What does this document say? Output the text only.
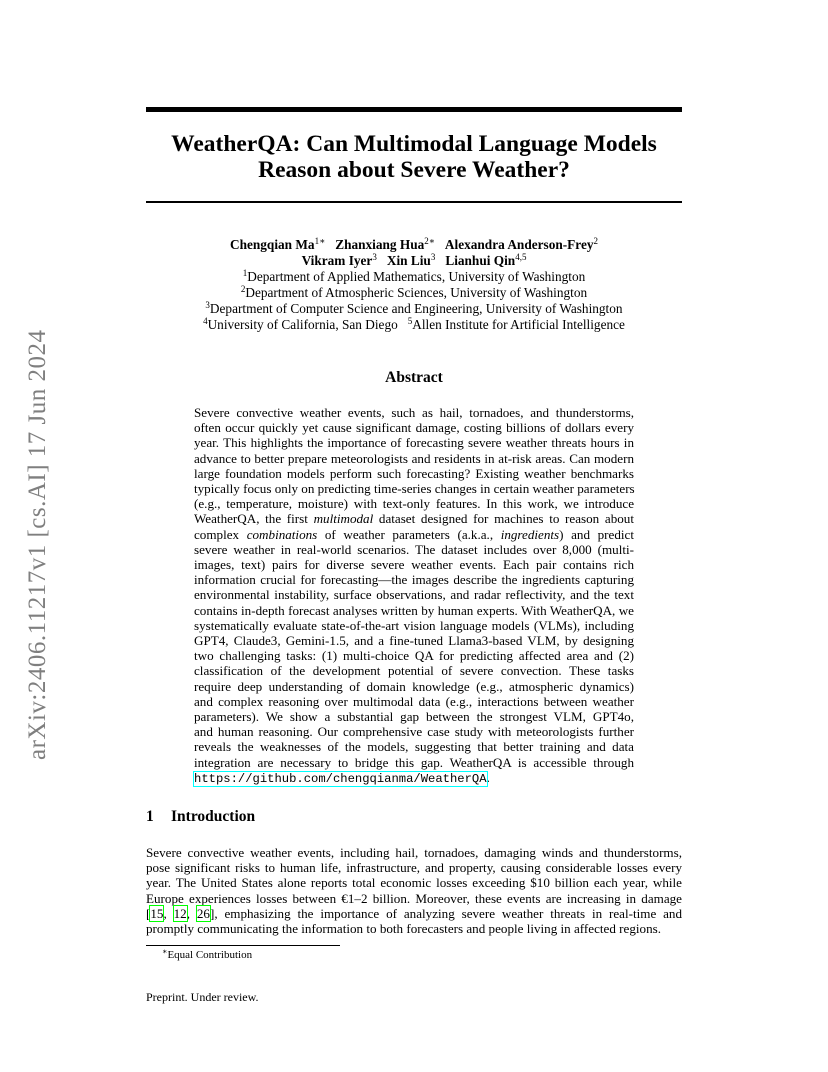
arXiv:2406.11217v1 [cs.AI] 17 Jun 2024
WeatherQA: Can Multimodal Language Models
Reason about Severe Weather?
Chengqian $Ma^{1∗}$ Zhanxiang Hua$^{2∗}$ Alexandra Anderson-Frey$^2$
Vikram Iyer$^3$ Xin Liu$^3$ Lianhui Qin$^{4,5}$
$^1$Department of Applied Mathematics, University of Washington
$^2$Department of Atmospheric Sciences, University of Washington
$^3$Department of Computer Science and Engineering, University of Washington
$^4$University of California, San Diego $^5$Allen Institute for Artificial Intelligence
Abstract
Severe convective weather events, such as hail, tornadoes, and thunderstorms,
often occur quickly yet cause significant damage, costing billions of dollars every
year. This highlights the importance of forecasting severe weather threats hours in
advance to better prepare meteorologists and residents in at-risk areas. Can modern
large foundation models perform such forecasting? Existing weather benchmarks
typically focus only on predicting time-series changes in certain weather parameters
(e.g., temperature, moisture) with text-only features. In this work, we introduce
WeatherQA, the first multimodal dataset designed for machines to reason about
complex combinations of weather parameters (a.k.a., ingredients) and predict
severe weather in real-world scenarios. The dataset includes over 8,000 (multi-
images, text) pairs for diverse severe weather events. Each pair contains rich
information crucial for forecasting—the images describe the ingredients capturing
environmental instability, surface observations, and radar reflectivity, and the text
contains in-depth forecast analyses written by human experts. With WeatherQA, we
systematically evaluate state-of-the-art vision language models (VLMs), including
GPT4, Claude3, Gemini-1.5, and a fine-tuned Llama3-based VLM, by designing
two challenging tasks: (1) multi-choice QA for predicting affected area and (2)
classification of the development potential of severe convection. These tasks
require deep understanding of domain knowledge (e.g., atmospheric dynamics)
and complex reasoning over multimodal data (e.g., interactions between weather
parameters). We show a substantial gap between the strongest VLM, GPT4o,
and human reasoning. Our comprehensive case study with meteorologists further
reveals the weaknesses of the models, suggesting that better training and data
integration are necessary to bridge this gap. WeatherQA is accessible through
https://github.com/chengqianma/WeatherQA.
1 Introduction
Severe convective weather events, including hail, tornadoes, damaging winds and thunderstorms,
pose significant risks to human life, infrastructure, and property, causing considerable losses every
year. The United States alone reports total economic losses exceeding $10 billion each year, while
Europe experiences losses between €1–2 billion. Moreover, these events are increasing in damage
[15, 12, 26], emphasizing the importance of analyzing severe weather threats in real-time and
promptly communicating the information to both forecasters and people living in affected regions.
∗Equal Contribution
Preprint. Under review.
